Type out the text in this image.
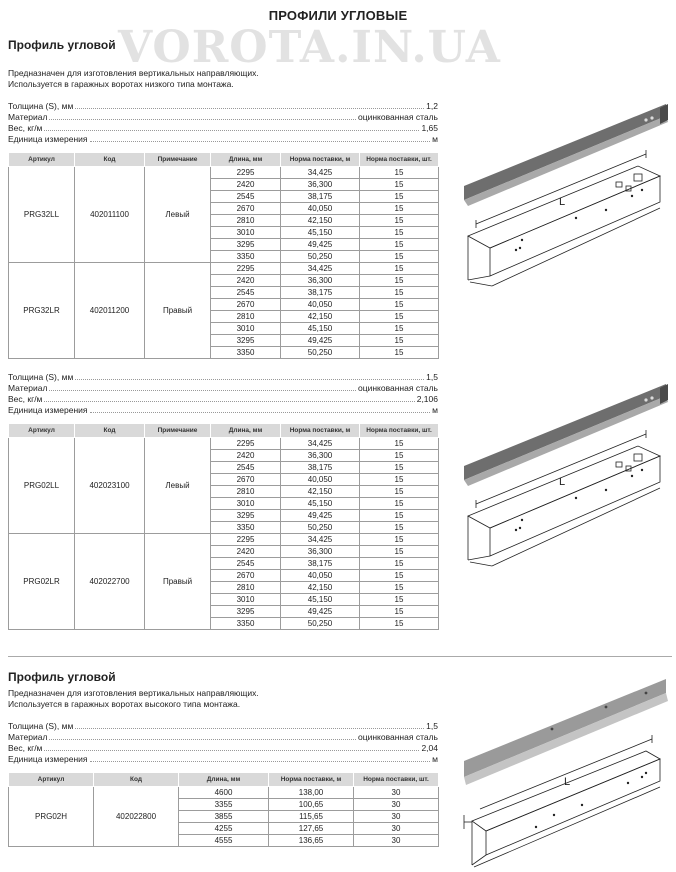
ПРОФИЛИ УГЛОВЫЕ
VOROTA.IN.UA
Профиль угловой
Предназначен для изготовления вертикальных направляющих.
Используется в гаражных воротах низкого типа монтажа.
Толщина (S), мм	1,2
Материал	оцинкованная сталь
Вес, кг/м	1,65
Единица измерения	м
Артикул	Код	Примечание	Длина, мм	Норма поставки, м	Норма поставки, шт.
PRG32LL	402011100	Левый	2295	34,425	15
			2420	36,300	15
			2545	38,175	15
			2670	40,050	15
			2810	42,150	15
			3010	45,150	15
			3295	49,425	15
			3350	50,250	15
PRG32LR	402011200	Правый	2295	34,425	15
			2420	36,300	15
			2545	38,175	15
			2670	40,050	15
			2810	42,150	15
			3010	45,150	15
			3295	49,425	15
			3350	50,250	15
Толщина (S), мм	1,5
Материал	оцинкованная сталь
Вес, кг/м	2,106
Единица измерения	м
Артикул	Код	Примечание	Длина, мм	Норма поставки, м	Норма поставки, шт.
PRG02LL	402023100	Левый	2295	34,425	15
			2420	36,300	15
			2545	38,175	15
			2670	40,050	15
			2810	42,150	15
			3010	45,150	15
			3295	49,425	15
			3350	50,250	15
PRG02LR	402022700	Правый	2295	34,425	15
			2420	36,300	15
			2545	38,175	15
			2670	40,050	15
			2810	42,150	15
			3010	45,150	15
			3295	49,425	15
			3350	50,250	15
Профиль угловой
Предназначен для изготовления вертикальных направляющих.
Используется в гаражных воротах высокого типа монтажа.
Толщина (S), мм	1,5
Материал	оцинкованная сталь
Вес, кг/м	2,04
Единица измерения	м
Артикул	Код	Длина, мм	Норма поставки, м	Норма поставки, шт.
PRG02H	402022800	4600	138,00	30
		3355	100,65	30
		3855	115,65	30
		4255	127,65	30
		4555	136,65	30
L
L
L
